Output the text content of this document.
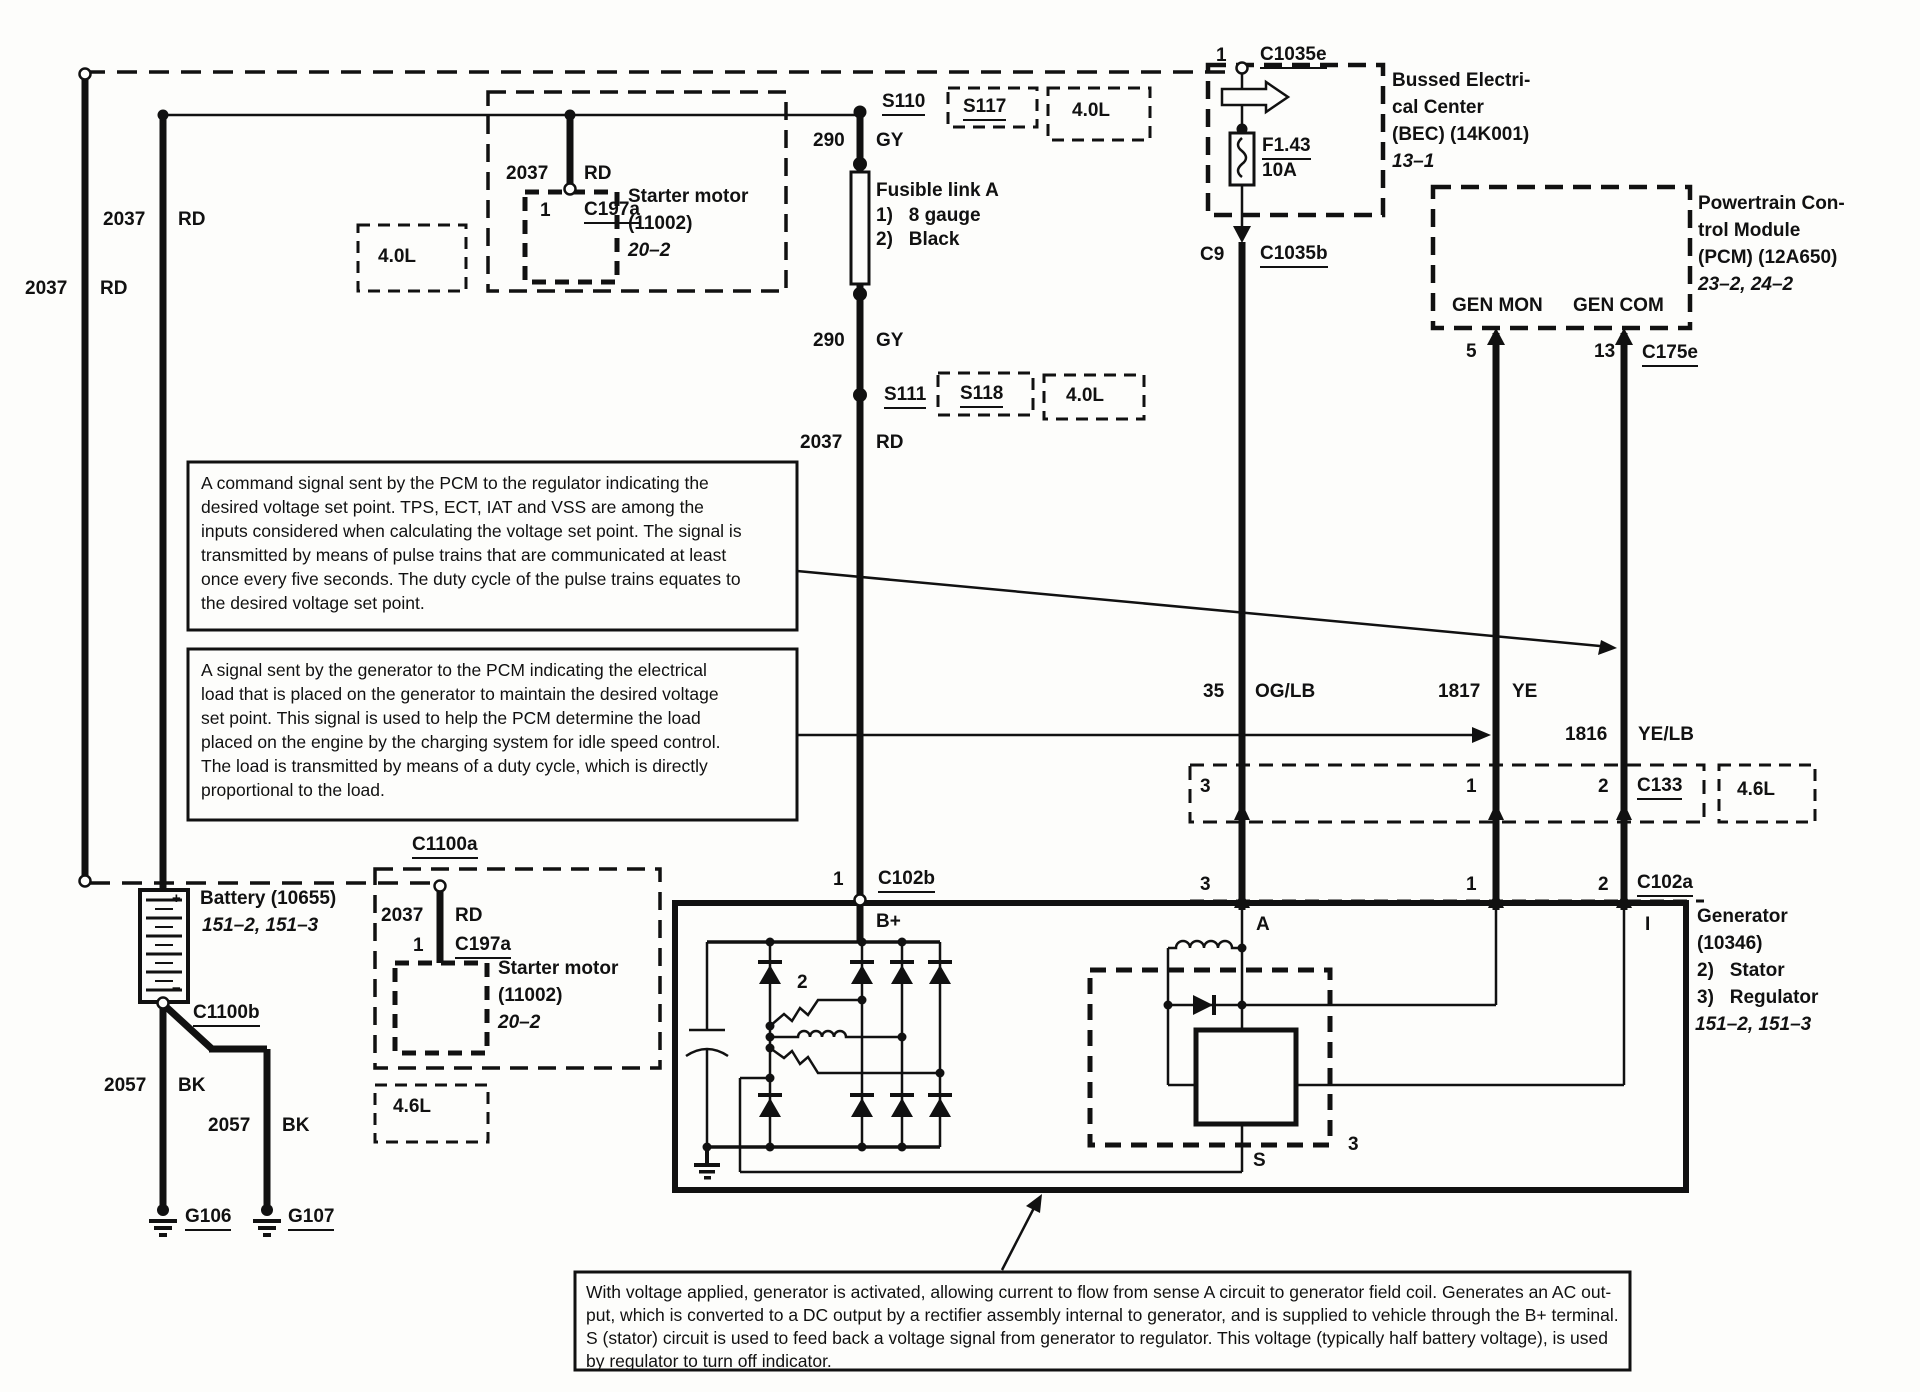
2037 RD
2037 RD
2037 RD
1 C197a
Starter motor
(11002)
20–2
4.0L
S110 S117	4.0L
290 GY
Fusible link A
1)   8 gauge
2)   Black
290 GY
S111 S118	4.0L
2037 RD
1 C1035e
F1.43
10A
C9 C1035b
Bussed Electri-
cal Center
(BEC) (14K001)
13–1
GEN MON GEN COM
5	13 C175e
Powertrain Con-
trol Module
(PCM) (12A650)
23–2, 24–2
A command signal sent by the PCM to the regulator indicating the
desired voltage set point. TPS, ECT, IAT and VSS are among the
inputs considered when calculating the voltage set point. The signal is
transmitted by means of pulse trains that are communicated at least
once every five seconds. The duty cycle of the pulse trains equates to
the desired voltage set point.
A signal sent by the generator to the PCM indicating the electrical
load that is placed on the generator to maintain the desired voltage
set point. This signal is used to help the PCM determine the load
placed on the engine by the charging system for idle speed control.
The load is transmitted by means of a duty cycle, which is directly
proportional to the load.
35 OG/LB	1817 YE
1816 YE/LB
3	1	2 C133	4.6L
3	1	2 C102a
1 C102b
Battery (10655)
151–2, 151–3
+
−
C1100b
2057 BK
2057 BK
G106	G107
C1100a
2037 RD
1 C197a
Starter motor
(11002)
20–2
4.6L
B+	A	I
2
3
S
Generator
(10346)
2)   Stator
3)   Regulator
151–2, 151–3
With voltage applied, generator is activated, allowing current to flow from sense A circuit to generator field coil. Generates an AC out-
put, which is converted to a DC output by a rectifier assembly internal to generator, and is supplied to vehicle through the B+ terminal.
S (stator) circuit is used to feed back a voltage signal from generator to regulator. This voltage (typically half battery voltage), is used
by regulator to turn off indicator.
